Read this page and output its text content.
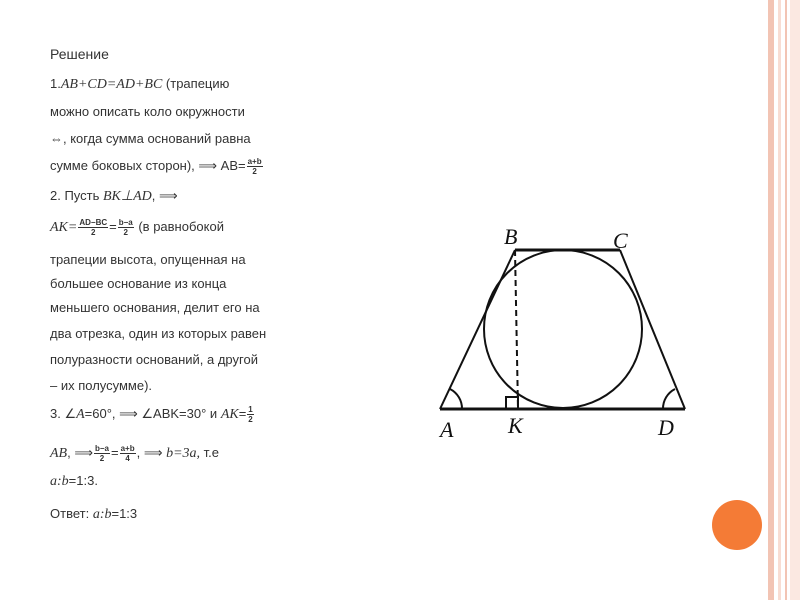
Решение
1.AB+CD=AD+BC (трапецию
можно описать коло окружности
⇔, когда сумма оснований равна
сумме боковых сторон), ⟹ $AB= \frac{a+b}{2}$
2. Пусть BK⊥AD, ⟹
$AK= \frac{AD-BC}{2} = \frac{b-a}{2} (в$ равнобокой
трапеции высота, опущенная на
большее основание из конца
меньшего основания, делит его на
два отрезка, один из которых равен
полуразности оснований, а другой
– их полусумме).
3. ∠A=60°, ⟹ ∠ABK=30° и $AK= \frac{1}{2}$
AB, ⟹ $\frac{b-a}{2} = \frac{a+b}{4}$ , ⟹ b=3a, т.е
a:b=1:3.
Ответ: a:b=1:3
A
B	C
D
K
